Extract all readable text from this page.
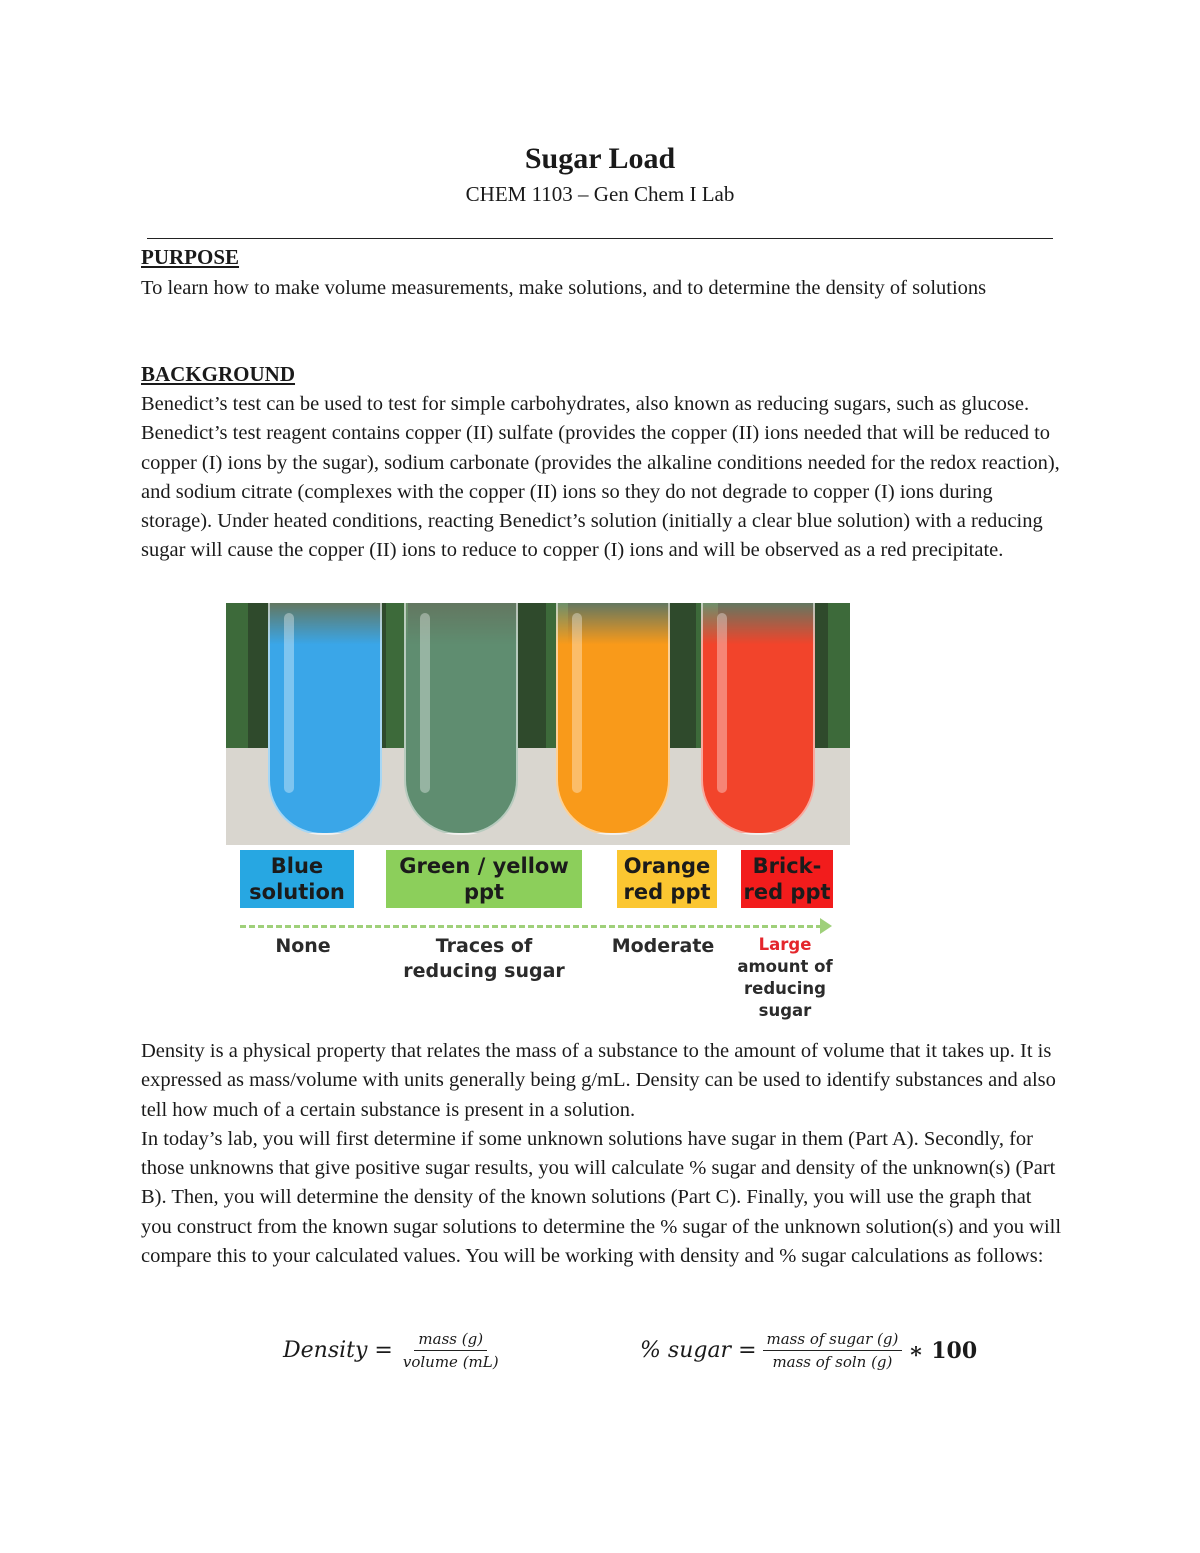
Sugar Load
CHEM 1103 – Gen Chem I Lab
PURPOSE

To learn how to make volume measurements, make solutions, and to determine the density of solutions

BACKGROUND

Benedict’s test can be used to test for simple carbohydrates, also known as reducing sugars, such as glucose. Benedict’s test reagent contains copper (II) sulfate (provides the copper (II) ions needed that will be reduced to copper (I) ions by the sugar), sodium carbonate (provides the alkaline conditions needed for the redox reaction), and sodium citrate (complexes with the copper (II) ions so they do not degrade to copper (I) ions during storage). Under heated conditions, reacting Benedict’s solution (initially a clear blue solution) with a reducing sugar will cause the copper (II) ions to reduce to copper (I) ions and will be observed as a red precipitate.

Blue
solution
Green / yellow
ppt
Orange
red ppt
Brick-
red ppt
None	Traces of
reducing sugar
Moderate	Large
amount of
reducing
sugar

Density is a physical property that relates the mass of a substance to the amount of volume that it takes up. It is expressed as mass/volume with units generally being g/mL. Density can be used to identify substances and also tell how much of a certain substance is present in a solution.

In today’s lab, you will first determine if some unknown solutions have sugar in them (Part A). Secondly, for those unknowns that give positive sugar results, you will calculate % sugar and density of the unknown(s) (Part B). Then, you will determine the density of the known solutions (Part C). Finally, you will use the graph that you construct from the known sugar solutions to determine the % sugar of the unknown solution(s) and you will compare this to your calculated values. You will be working with density and % sugar calculations as follows:

Density = $\frac{\text{mass (g)}}{\text{volume (mL)}}$	% sugar = $\frac{\text{mass of sugar (g)}}{\text{mass of soln (g)}}$ ∗ 100
